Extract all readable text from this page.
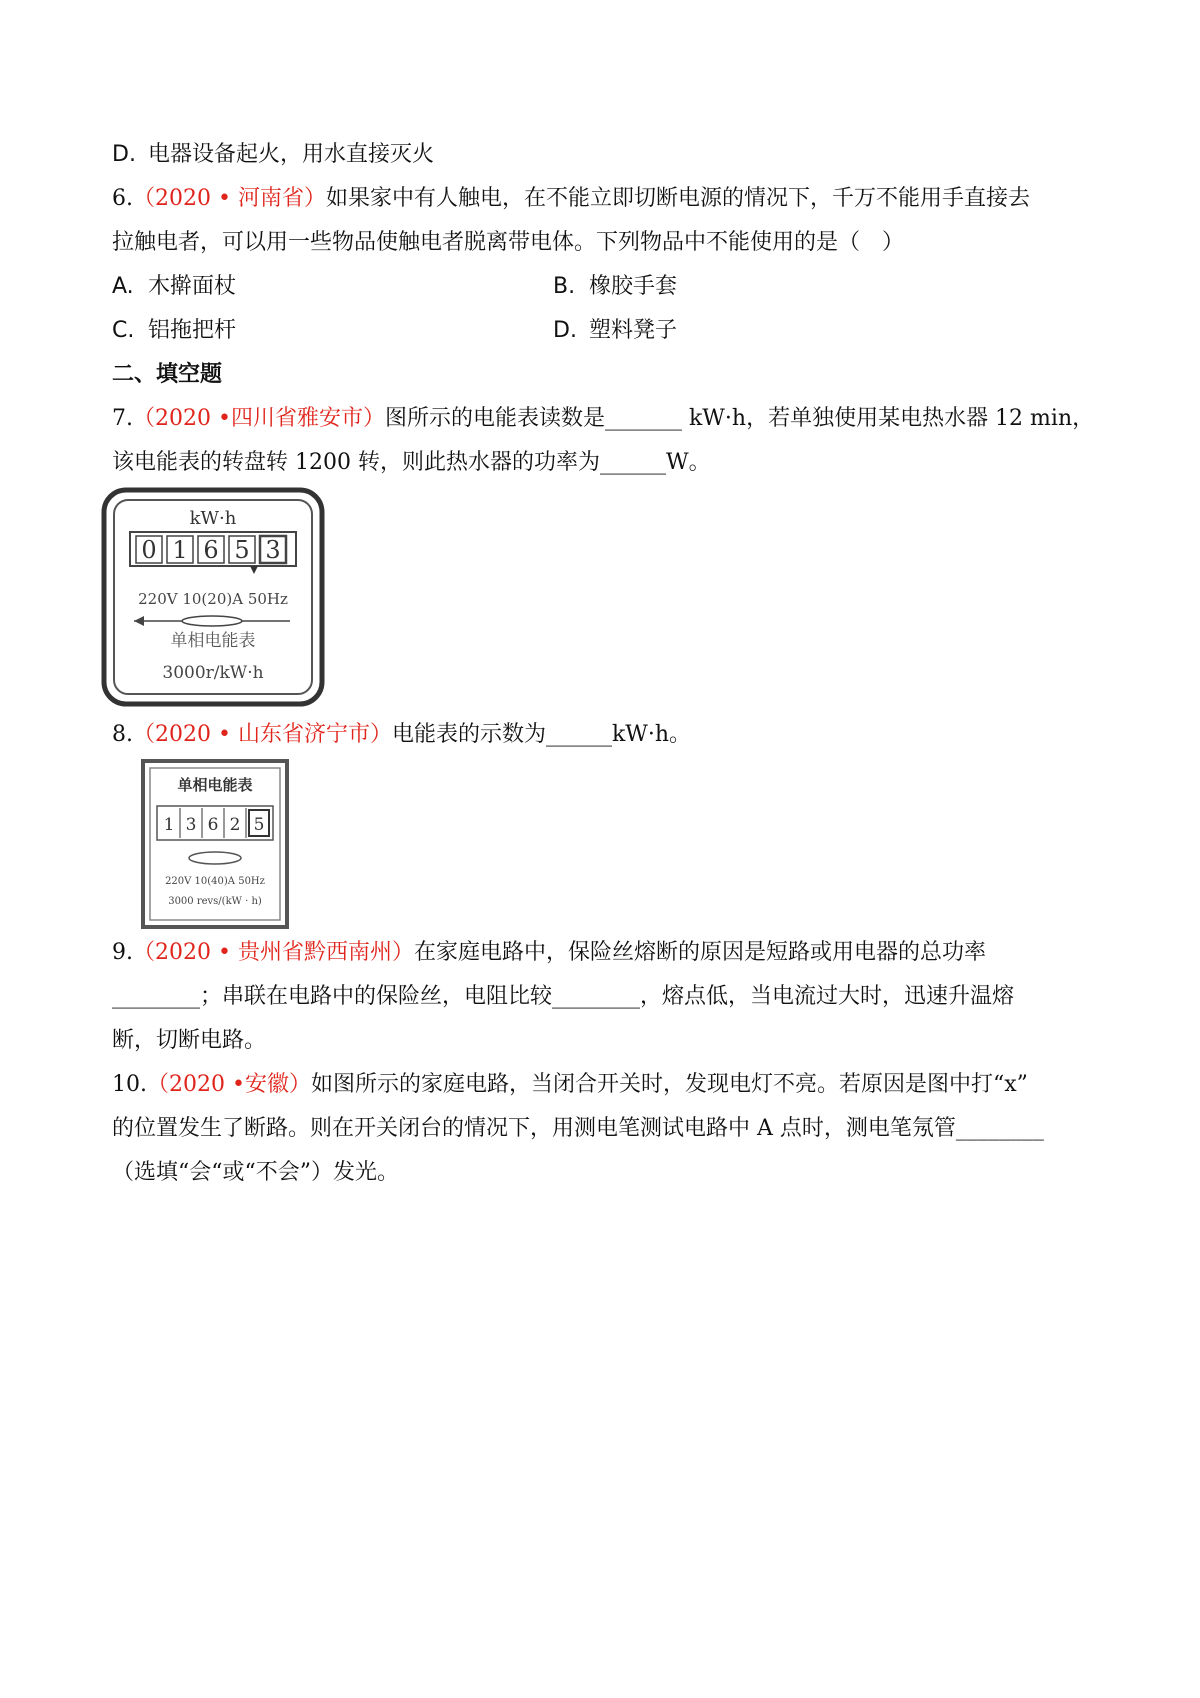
D. 电器设备起火，用水直接灭火
6.（2020 • 河南省）如果家中有人触电，在不能立即切断电源的情况下，千万不能用手直接去
拉触电者，可以用一些物品使触电者脱离带电体。下列物品中不能使用的是（　）
A. 木擀面杖	B. 橡胶手套
C. 铝拖把杆	D. 塑料凳子
二、填空题
7.（2020 •四川省雅安市）图所示的电能表读数是_______ kW·h，若单独使用某电热水器 12 min，
该电能表的转盘转 1200 转，则此热水器的功率为______W。
kW·h
0 1 6 5 3
220V 10(20)A 50Hz
单相电能表
3000r/kW·h
8.（2020 • 山东省济宁市）电能表的示数为______kW·h。
单相电能表
1 3 6 2 5
220V 10(40)A 50Hz
3000 revs/(kW · h)
9.（2020 • 贵州省黔西南州）在家庭电路中，保险丝熔断的原因是短路或用电器的总功率
________；串联在电路中的保险丝，电阻比较________，熔点低，当电流过大时，迅速升温熔
断，切断电路。
10.（2020 •安徽）如图所示的家庭电路，当闭合开关时，发现电灯不亮。若原因是图中打“x”
的位置发生了断路。则在开关闭台的情况下，用测电笔测试电路中 A 点时，测电笔氖管________
（选填“会“或“不会”）发光。
